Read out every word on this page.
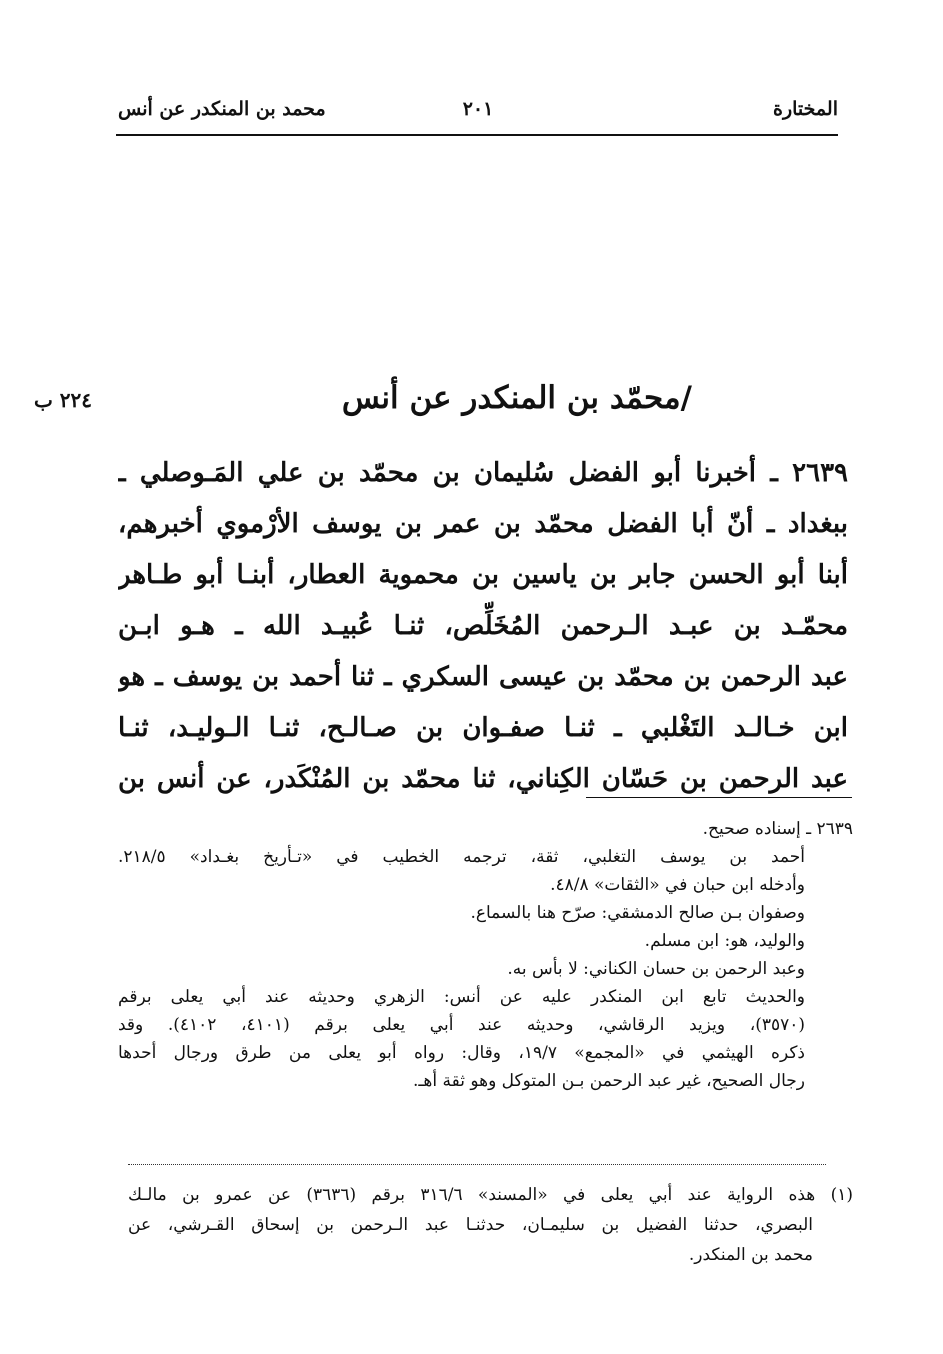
المختارة
٢٠١
محمد بن المنكدر عن أنس
٢٢٤ ب	/محمّد بن المنكدر عن أنس
٢٦٣٩ ـ أخبرنا أبو الفضل سُليمان بن محمّد بن علي المَـوصلي ـ
ببغداد ـ أنّ أبا الفضل محمّد بن عمر بن يوسف الأرْموي أخبرهم،
أبنا أبو الحسن جابر بن ياسين بن محموية العطار، أبنـا أبو طـاهر
محمّـد بن عبـد الـرحمن المُخَلِّص، ثنـا عُبيـد الله ـ هـو ابـن
عبد الرحمن بن محمّد بن عيسى السكري ـ ثنا أحمد بن يوسف ـ هو
ابن خـالـد التَغْلبي ـ ثنـا صفـوان بن صـالـح، ثنـا الـوليـد، ثنـا
عبد الرحمن بن حَسّان الكِناني، ثنا محمّد بن المُنْكَدر، عن أنس بن
٢٦٣٩ ـ إسناده صحيح.
أحمد بن يوسف التغلبي، ثقة، ترجمه الخطيب في «تـأريخ بغـداد» ٢١٨/٥.
وأدخله ابن حبان في «الثقات» ٤٨/٨.
وصفوان بـن صالح الدمشقي: صرّح هنا بالسماع.
والوليد، هو: ابن مسلم.
وعبد الرحمن بن حسان الكناني: لا بأس به.
والحديث تابع ابن المنكدر عليه عن أنس: الزهري وحديثه عند أبي يعلى برقم
(٣٥٧٠)، ويزيد الرقاشي، وحديثه عند أبي يعلى برقم (٤١٠١، ٤١٠٢). وقد
ذكره الهيثمي في «المجمع» ١٩/٧، وقال: رواه أبو يعلى من طرق ورجال أحدها
رجال الصحيح، غير عبد الرحمن بـن المتوكل وهو ثقة أهـ.
(١) هذه الرواية عند أبي يعلى في «المسند» ٣١٦/٦ برقم (٣٦٣٦) عن عمرو بن مالـك
البصري، حدثنا الفضيل بن سليمـان، حدثنـا عبد الـرحمن بن إسحاق القـرشي، عن
محمد بن المنكدر.
